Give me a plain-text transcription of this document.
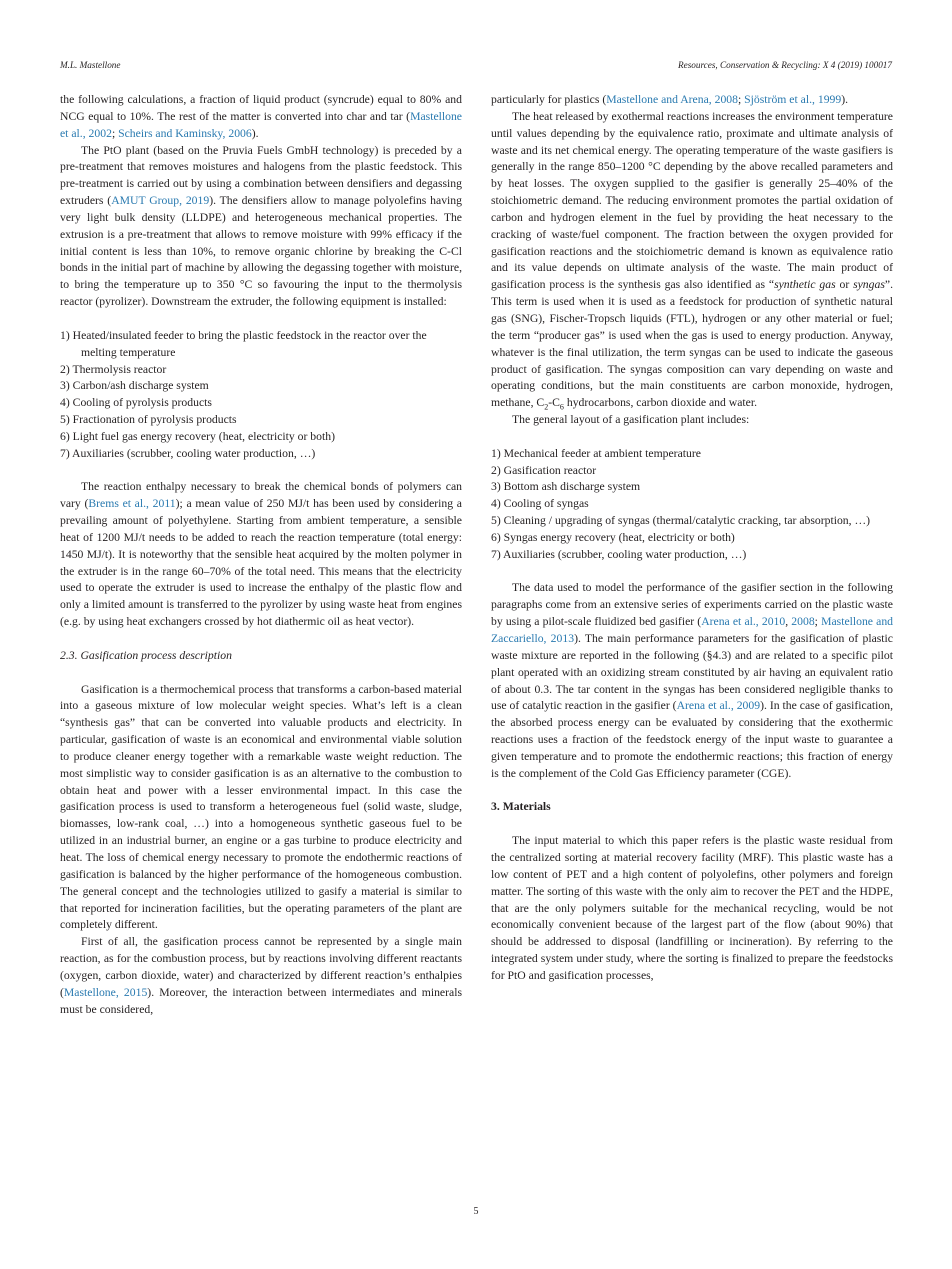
M.L. Mastellone	Resources, Conservation & Recycling: X 4 (2019) 100017

the following calculations, a fraction of liquid product (syncrude) equal to 80% and NCG equal to 10%. The rest of the matter is converted into char and tar (Mastellone et al., 2002; Scheirs and Kaminsky, 2006).

The PtO plant (based on the Pruvia Fuels GmbH technology) is preceded by a pre-treatment that removes moistures and halogens from the plastic feedstock. This pre-treatment is carried out by using a combination between densifiers and degassing extruders (AMUT Group, 2019). The densifiers allow to manage polyolefins having very light bulk density (LLDPE) and heterogeneous mechanical properties. The extrusion is a pre-treatment that allows to remove moisture with 99% efficacy if the initial content is less than 10%, to remove organic chlorine by breaking the C-Cl bonds in the initial part of machine by allowing the degassing together with moisture, to bring the temperature up to 350 °C so favouring the input to the thermolysis reactor (pyrolizer). Downstream the extruder, the following equipment is installed:

1) Heated/insulated feeder to bring the plastic feedstock in the reactor over the melting temperature
2) Thermolysis reactor
3) Carbon/ash discharge system
4) Cooling of pyrolysis products
5) Fractionation of pyrolysis products
6) Light fuel gas energy recovery (heat, electricity or both)
7) Auxiliaries (scrubber, cooling water production, …)

The reaction enthalpy necessary to break the chemical bonds of polymers can vary (Brems et al., 2011); a mean value of 250 MJ/t has been used by considering a prevailing amount of polyethylene. Starting from ambient temperature, a sensible heat of 1200 MJ/t needs to be added to reach the reaction temperature (total energy: 1450 MJ/t). It is noteworthy that the sensible heat acquired by the molten polymer in the extruder is in the range 60–70% of the total need. This means that the electricity used to operate the extruder is used to increase the enthalpy of the plastic flow and only a limited amount is transferred to the pyrolizer by using waste heat from engines (e.g. by using heat exchangers crossed by hot diathermic oil as heat vector).

2.3. Gasification process description

Gasification is a thermochemical process that transforms a carbon-based material into a gaseous mixture of low molecular weight species. What’s left is a clean “synthesis gas” that can be converted into valuable products and electricity. In particular, gasification of waste is an economical and environmental viable solution to produce cleaner energy together with a remarkable waste weight reduction. The most simplistic way to consider gasification is as an alternative to the combustion to obtain heat and power with a lesser environmental impact. In this case the gasification process is used to transform a heterogeneous fuel (solid waste, sludge, biomasses, low-rank coal, …) into a homogeneous synthetic gaseous fuel to be utilized in an industrial burner, an engine or a gas turbine to produce electricity and heat. The loss of chemical energy necessary to promote the endothermic reactions of gasification is balanced by the higher performance of the homogeneous combustion. The general concept and the technologies utilized to gasify a material is similar to that reported for incineration facilities, but the operating parameters of the plant are completely different.

First of all, the gasification process cannot be represented by a single main reaction, as for the combustion process, but by reactions involving different reactants (oxygen, carbon dioxide, water) and characterized by different reaction’s enthalpies (Mastellone, 2015). Moreover, the interaction between intermediates and minerals must be considered,

particularly for plastics (Mastellone and Arena, 2008; Sjöström et al., 1999).

The heat released by exothermal reactions increases the environment temperature until values depending by the equivalence ratio, proximate and ultimate analysis of waste and its net chemical energy. The operating temperature of the waste gasifiers is generally in the range 850–1200 °C depending by the above recalled parameters and by heat losses. The oxygen supplied to the gasifier is generally 25–40% of the stoichiometric demand. The reducing environment promotes the partial oxidation of carbon and hydrogen element in the fuel by providing the heat necessary to the cracking of waste/fuel component. The fraction between the oxygen provided for gasification reactions and the stoichiometric demand is known as equivalence ratio and its value depends on ultimate analysis of the waste. The main product of gasification process is the synthesis gas also identified as “synthetic gas or syngas”. This term is used when it is used as a feedstock for production of synthetic natural gas (SNG), Fischer-Tropsch liquids (FTL), hydrogen or any other material or fuel; the term “producer gas” is used when the gas is used to energy production. Anyway, whatever is the final utilization, the term syngas can be used to indicate the gaseous product of gasification. The syngas composition can vary depending on waste and operating conditions, but the main constituents are carbon monoxide, hydrogen, methane, $C_2-C_6$ hydrocarbons, carbon dioxide and water.

The general layout of a gasification plant includes:

1) Mechanical feeder at ambient temperature
2) Gasification reactor
3) Bottom ash discharge system
4) Cooling of syngas
5) Cleaning / upgrading of syngas (thermal/catalytic cracking, tar absorption, …)
6) Syngas energy recovery (heat, electricity or both)
7) Auxiliaries (scrubber, cooling water production, …)

The data used to model the performance of the gasifier section in the following paragraphs come from an extensive series of experiments carried on the plastic waste by using a pilot-scale fluidized bed gasifier (Arena et al., 2010, 2008; Mastellone and Zaccariello, 2013). The main performance parameters for the gasification of plastic waste mixture are reported in the following (§4.3) and are related to a specific pilot plant operated with an oxidizing stream constituted by air having an equivalent ratio of about 0.3. The tar content in the syngas has been considered negligible thanks to use of catalytic reaction in the gasifier (Arena et al., 2009). In the case of gasification, the absorbed process energy can be evaluated by considering that the exothermic reactions uses a fraction of the feedstock energy of the input waste to guarantee a given temperature and to promote the endothermic reactions; this fraction of energy is the complement of the Cold Gas Efficiency parameter (CGE).

3. Materials

The input material to which this paper refers is the plastic waste residual from the centralized sorting at material recovery facility (MRF). This plastic waste has a low content of PET and a high content of polyolefins, other polymers and foreign matter. The sorting of this waste with the only aim to recover the PET and the HDPE, that are the only polymers suitable for the mechanical recycling, would be not economically convenient because of the largest part of the flow (about 90%) that should be addressed to disposal (landfilling or incineration). By referring to the integrated system under study, where the sorting is finalized to prepare the feedstocks for PtO and gasification processes,

5
